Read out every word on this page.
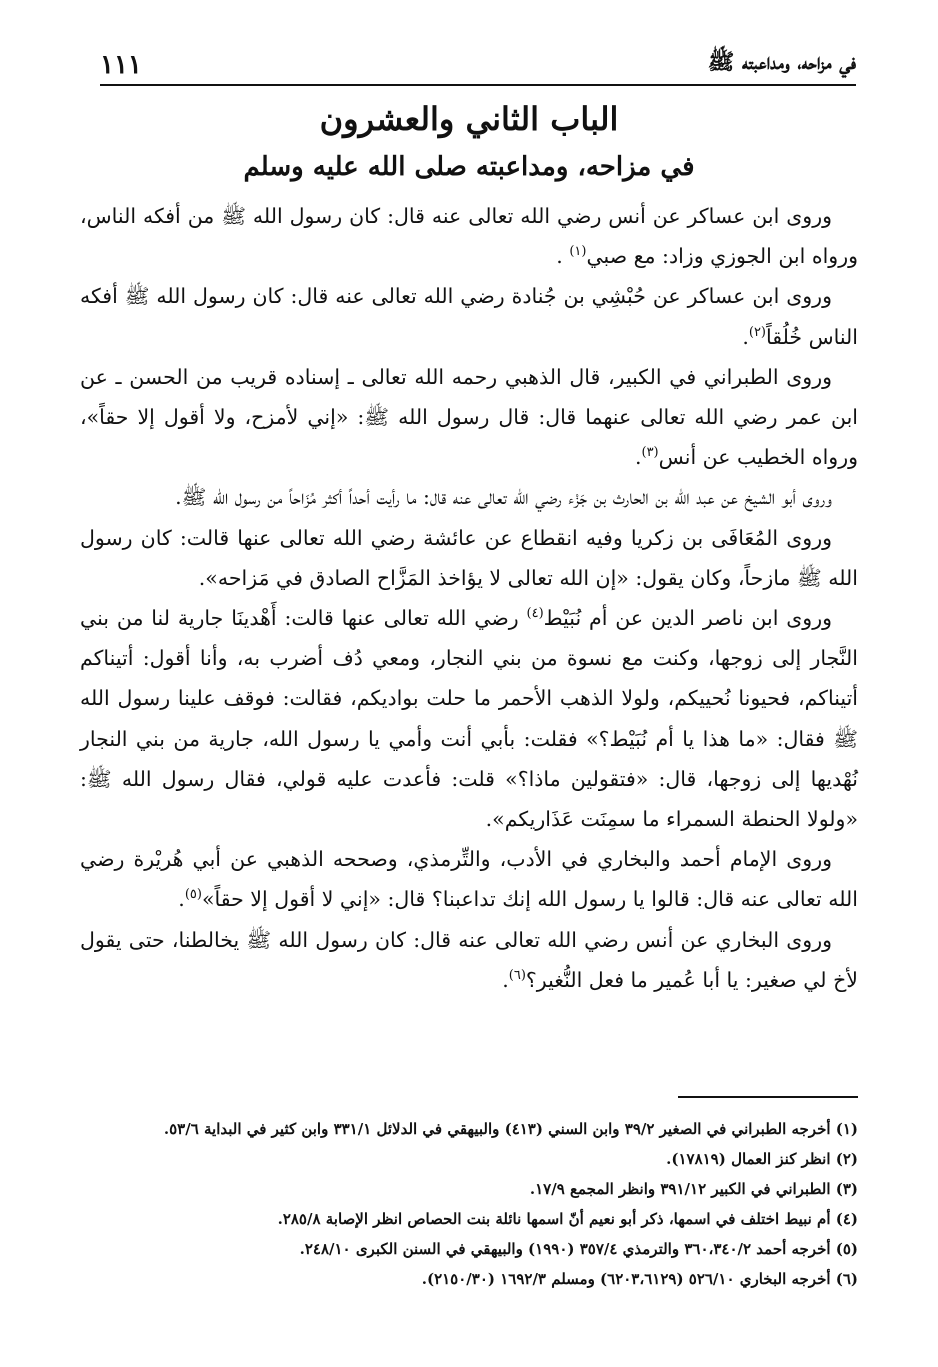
في مزاحه، ومداعبته ﷺ
١١١
الباب الثاني والعشرون
في مزاحه، ومداعبته صلى الله عليه وسلم

وروى ابن عساكر عن أنس رضي الله تعالى عنه قال: كان رسول الله ﷺ من أفكه الناس، ورواه ابن الجوزي وزاد: مع صبي$^{(١)}$ .

وروى ابن عساكر عن حُبْشِي بن جُنادة رضي الله تعالى عنه قال: كان رسول الله ﷺ أفكه الناس خُلُقاً$^{(٢)}$.

وروى الطبراني في الكبير، قال الذهبي رحمه الله تعالى ـ إسناده قريب من الحسن ـ عن ابن عمر رضي الله تعالى عنهما قال: قال رسول الله ﷺ: «إني لأمزح، ولا أقول إلا حقاً»، ورواه الخطيب عن أنس$^{(٣)}$.

وروى أبو الشيخ عن عبد الله بن الحارث بن جَزْء رضي الله تعالى عنه قال: ما رأيت أحداً أكثر مُزَاحاً من رسول الله ﷺ.

وروى المُعَافَى بن زكريا وفيه انقطاع عن عائشة رضي الله تعالى عنها قالت: كان رسول الله ﷺ مازحاً، وكان يقول: «إن الله تعالى لا يؤاخذ المَزَّاح الصادق في مَزاحه».

وروى ابن ناصر الدين عن أم نُبَيْط$^{(٤)}$ رضي الله تعالى عنها قالت: أَهْدينَا جارية لنا من بني النَّجار إلى زوجها، وكنت مع نسوة من بني النجار، ومعي دُف أضرب به، وأنا أقول: أتيناكم أتيناكم، فحيونا نُحييكم، ولولا الذهب الأحمر ما حلت بواديكم، فقالت: فوقف علينا رسول الله ﷺ فقال: «ما هذا يا أم نُبَيْط؟» فقلت: بأبي أنت وأمي يا رسول الله، جارية من بني النجار نُهْديها إلى زوجها، قال: «فتقولين ماذا؟» قلت: فأعدت عليه قولي، فقال رسول الله ﷺ: «ولولا الحنطة السمراء ما سمِنَت عَذَاريكم».

وروى الإمام أحمد والبخاري في الأدب، والتِّرمذي، وصححه الذهبي عن أبي هُريْرة رضي الله تعالى عنه قال: قالوا يا رسول الله إنك تداعبنا؟ قال: «إني لا أقول إلا حقاً»$^{(٥)}$.

وروى البخاري عن أنس رضي الله تعالى عنه قال: كان رسول الله ﷺ يخالطنا، حتى يقول لأخ لي صغير: يا أبا عُمير ما فعل النُّغير؟$^{(٦)}$.

(١) أخرجه الطبراني في الصغير ٣٩/٢ وابن السني (٤١٣) والبيهقي في الدلائل ٣٣١/١ وابن كثير في البداية ٥٣/٦.

(٢) انظر كنز العمال (١٧٨١٩).

(٣) الطبراني في الكبير ٣٩١/١٢ وانظر المجمع ١٧/٩.

(٤) أم نبيط اختلف في اسمها، ذكر أبو نعيم أنّ اسمها نائلة بنت الحصاص انظر الإصابة ٢٨٥/٨.

(٥) أخرجه أحمد ٣٦٠،٣٤٠/٢ والترمذي ٣٥٧/٤ (١٩٩٠) والبيهقي في السنن الكبرى ٢٤٨/١٠.

(٦) أخرجه البخاري ٥٢٦/١٠ (٦٢٠٣،٦١٢٩) ومسلم ١٦٩٢/٣ (٢١٥٠/٣٠).
